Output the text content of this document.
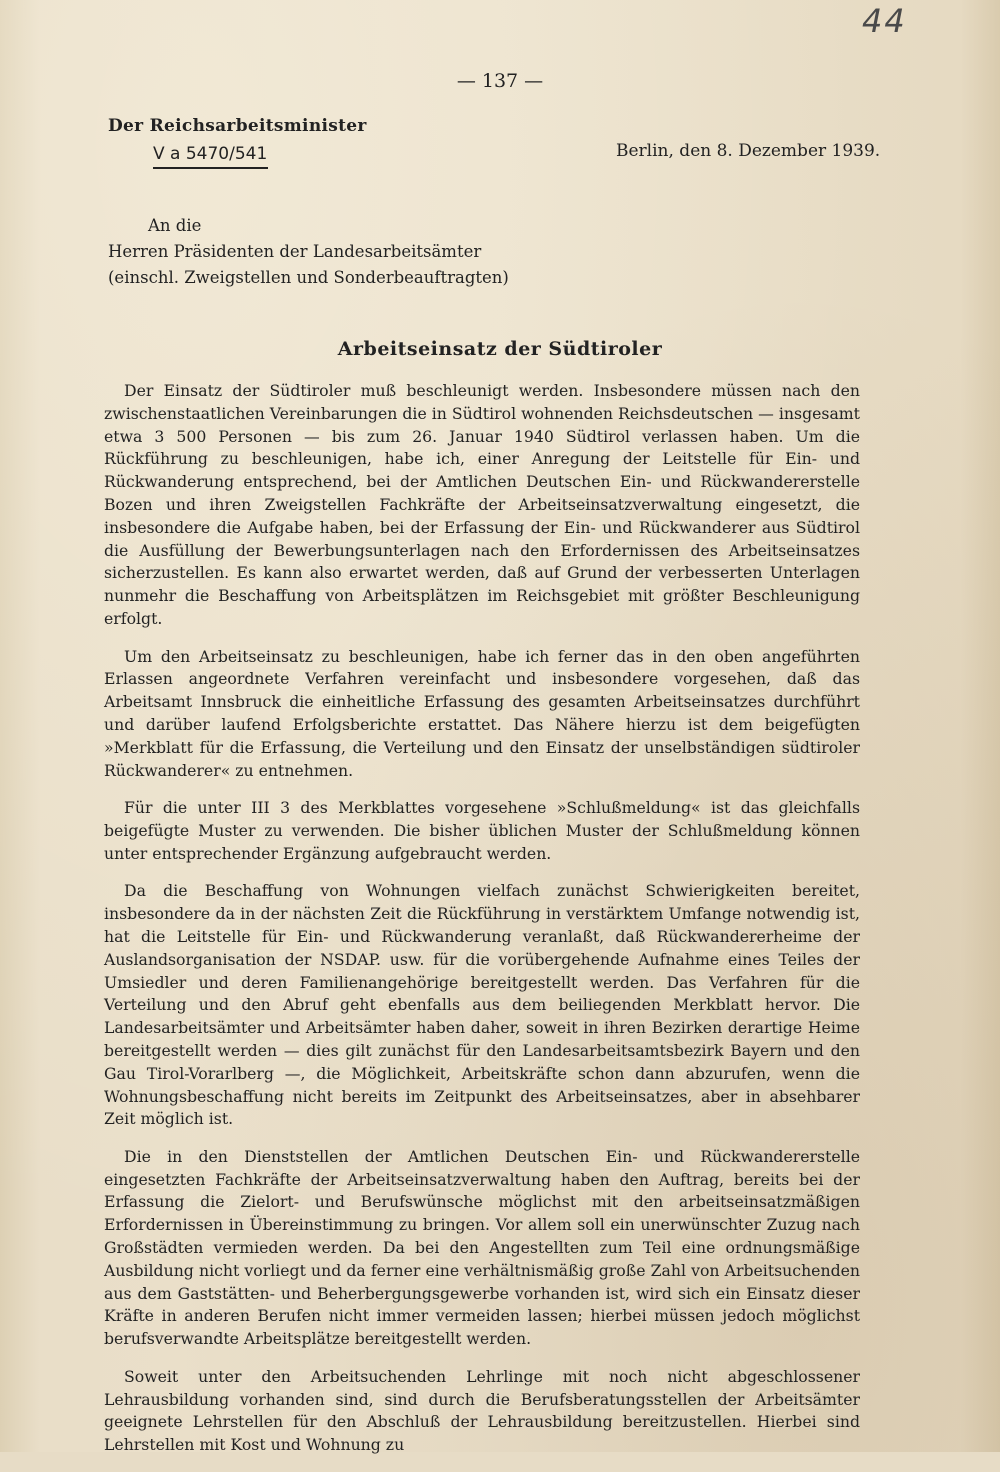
44
— 137 —
Der Reichsarbeitsminister
V a 5470/541	Berlin, den 8. Dezember 1939.
An die
Herren Präsidenten der Landesarbeitsämter
(einschl. Zweigstellen und Sonderbeauftragten)
Arbeitseinsatz der Südtiroler

Der Einsatz der Südtiroler muß beschleunigt werden. Insbesondere müssen nach den zwischenstaatlichen Vereinbarungen die in Südtirol wohnenden Reichsdeutschen — insgesamt etwa 3 500 Personen — bis zum 26. Januar 1940 Südtirol verlassen haben. Um die Rückführung zu beschleunigen, habe ich, einer Anregung der Leitstelle für Ein- und Rückwanderung entsprechend, bei der Amtlichen Deutschen Ein- und Rückwandererstelle Bozen und ihren Zweigstellen Fachkräfte der Arbeitseinsatzverwaltung eingesetzt, die insbesondere die Aufgabe haben, bei der Erfassung der Ein- und Rückwanderer aus Südtirol die Ausfüllung der Bewerbungsunterlagen nach den Erfordernissen des Arbeitseinsatzes sicherzustellen. Es kann also erwartet werden, daß auf Grund der verbesserten Unterlagen nunmehr die Beschaffung von Arbeitsplätzen im Reichsgebiet mit größter Beschleunigung erfolgt.

Um den Arbeitseinsatz zu beschleunigen, habe ich ferner das in den oben angeführten Erlassen angeordnete Verfahren vereinfacht und insbesondere vorgesehen, daß das Arbeitsamt Innsbruck die einheitliche Erfassung des gesamten Arbeitseinsatzes durchführt und darüber laufend Erfolgsberichte erstattet. Das Nähere hierzu ist dem beigefügten »Merkblatt für die Erfassung, die Verteilung und den Einsatz der unselbständigen südtiroler Rückwanderer« zu entnehmen.

Für die unter III 3 des Merkblattes vorgesehene »Schlußmeldung« ist das gleichfalls beigefügte Muster zu verwenden. Die bisher üblichen Muster der Schlußmeldung können unter entsprechender Ergänzung aufgebraucht werden.

Da die Beschaffung von Wohnungen vielfach zunächst Schwierigkeiten bereitet, insbesondere da in der nächsten Zeit die Rückführung in verstärktem Umfange notwendig ist, hat die Leitstelle für Ein- und Rückwanderung veranlaßt, daß Rückwandererheime der Auslandsorganisation der NSDAP. usw. für die vorübergehende Aufnahme eines Teiles der Umsiedler und deren Familienangehörige bereitgestellt werden. Das Verfahren für die Verteilung und den Abruf geht ebenfalls aus dem beiliegenden Merkblatt hervor. Die Landesarbeitsämter und Arbeitsämter haben daher, soweit in ihren Bezirken derartige Heime bereitgestellt werden — dies gilt zunächst für den Landesarbeitsamtsbezirk Bayern und den Gau Tirol-Vorarlberg —, die Möglichkeit, Arbeitskräfte schon dann abzurufen, wenn die Wohnungsbeschaffung nicht bereits im Zeitpunkt des Arbeitseinsatzes, aber in absehbarer Zeit möglich ist.

Die in den Dienststellen der Amtlichen Deutschen Ein- und Rückwandererstelle eingesetzten Fachkräfte der Arbeitseinsatzverwaltung haben den Auftrag, bereits bei der Erfassung die Zielort- und Berufswünsche möglichst mit den arbeitseinsatzmäßigen Erfordernissen in Übereinstimmung zu bringen. Vor allem soll ein unerwünschter Zuzug nach Großstädten vermieden werden. Da bei den Angestellten zum Teil eine ordnungsmäßige Ausbildung nicht vorliegt und da ferner eine verhältnismäßig große Zahl von Arbeitsuchenden aus dem Gaststätten- und Beherbergungsgewerbe vorhanden ist, wird sich ein Einsatz dieser Kräfte in anderen Berufen nicht immer vermeiden lassen; hierbei müssen jedoch möglichst berufsverwandte Arbeitsplätze bereitgestellt werden.

Soweit unter den Arbeitsuchenden Lehrlinge mit noch nicht abgeschlossener Lehrausbildung vorhanden sind, sind durch die Berufsberatungsstellen der Arbeitsämter geeignete Lehrstellen für den Abschluß der Lehrausbildung bereitzustellen. Hierbei sind Lehrstellen mit Kost und Wohnung zu
